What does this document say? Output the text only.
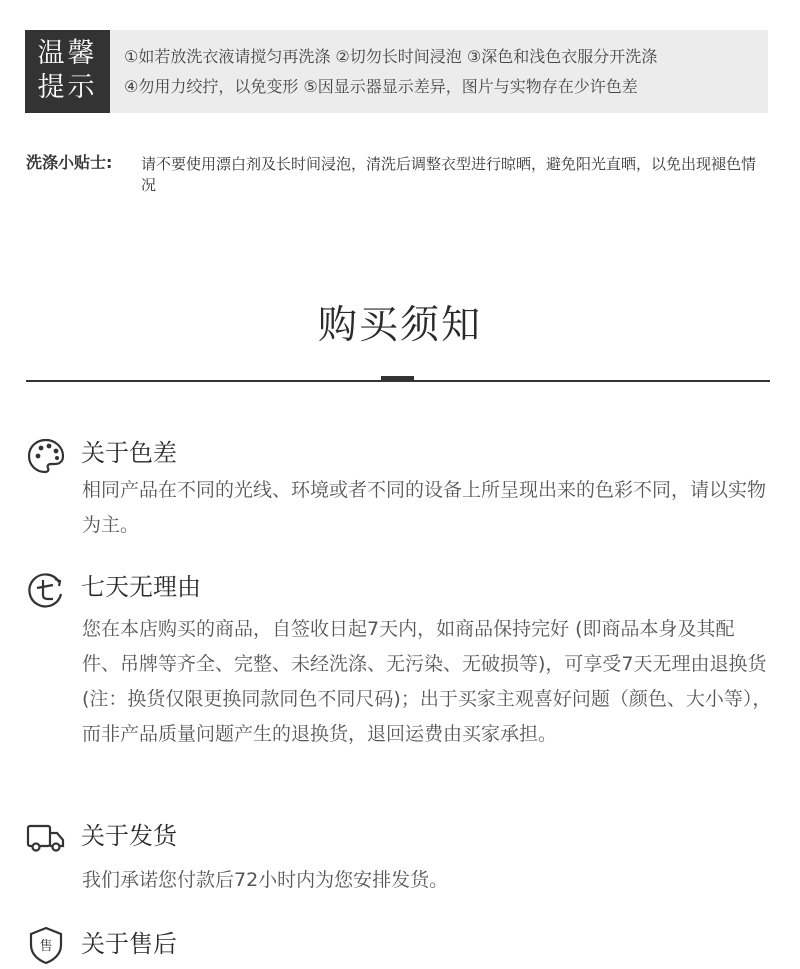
温馨
提示
①如若放洗衣液请搅匀再洗涤 ②切勿长时间浸泡 ③深色和浅色衣服分开洗涤
④勿用力绞拧，以免变形 ⑤因显示器显示差异，图片与实物存在少许色差
洗涤小贴士: 请不要使用漂白剂及长时间浸泡，清洗后调整衣型进行晾晒，避免阳光直晒，以免出现褪色情况
购买须知
关于色差
相同产品在不同的光线、环境或者不同的设备上所呈现出来的色彩不同，请以实物为主。
七天无理由
您在本店购买的商品，自签收日起7天内，如商品保持完好 (即商品本身及其配件、吊牌等齐全、完整、未经洗涤、无污染、无破损等)，可享受7天无理由退换货 (注：换货仅限更换同款同色不同尺码)；出于买家主观喜好问题（颜色、大小等），而非产品质量问题产生的退换货，退回运费由买家承担。
关于发货
我们承诺您付款后72小时内为您安排发货。
售 关于售后
